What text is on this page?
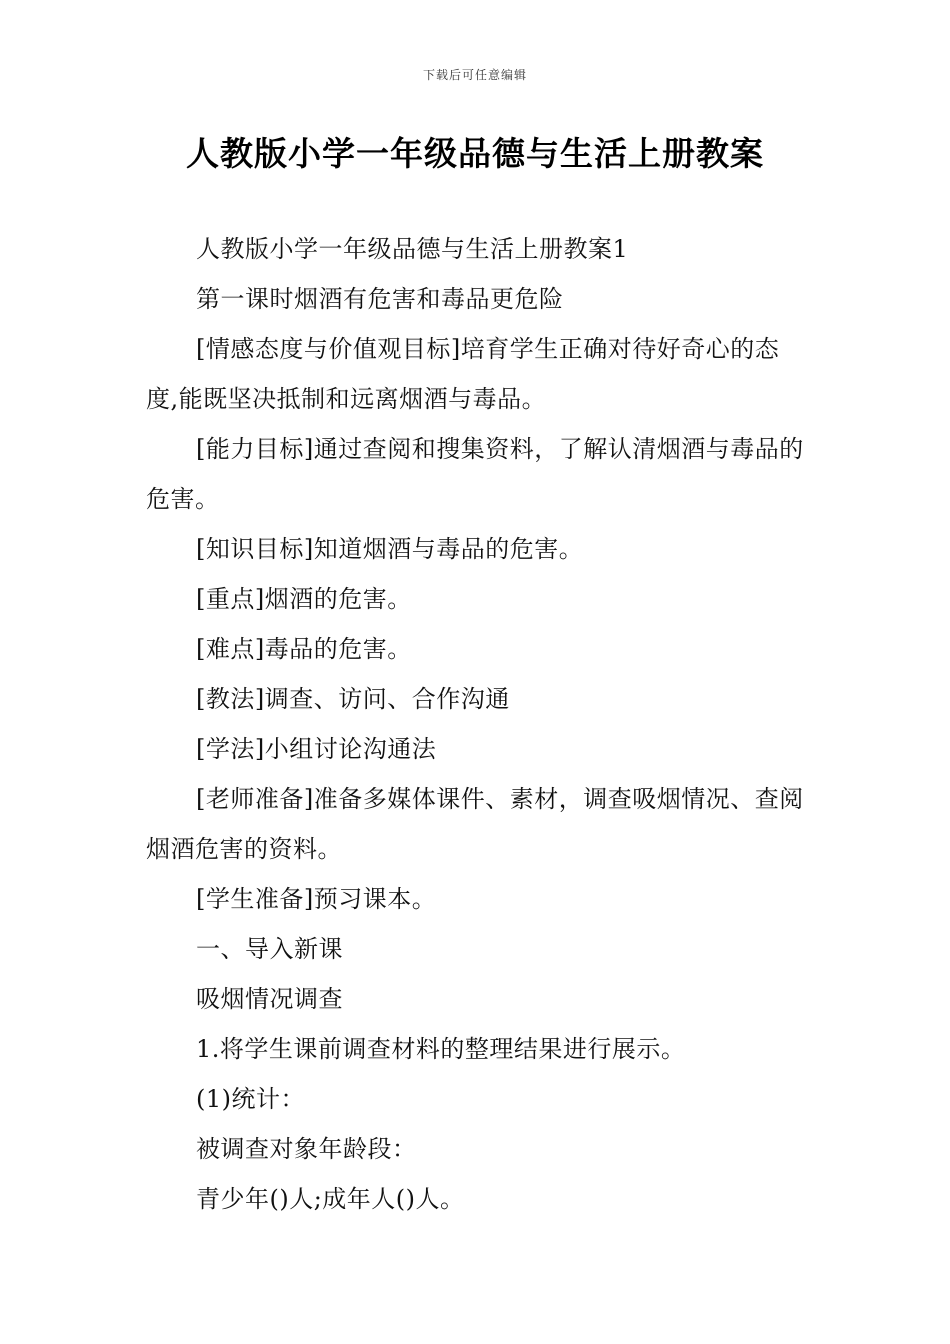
下载后可任意编辑
人教版小学一年级品德与生活上册教案

人教版小学一年级品德与生活上册教案1

第一课时烟酒有危害和毒品更危险

[情感态度与价值观目标]培育学生正确对待好奇心的态度,能既坚决抵制和远离烟酒与毒品。

[能力目标]通过查阅和搜集资料，了解认清烟酒与毒品的危害。

[知识目标]知道烟酒与毒品的危害。

[重点]烟酒的危害。

[难点]毒品的危害。

[教法]调查、访问、合作沟通

[学法]小组讨论沟通法

[老师准备]准备多媒体课件、素材，调查吸烟情况、查阅烟酒危害的资料。

[学生准备]预习课本。

一、导入新课

吸烟情况调查

1.将学生课前调查材料的整理结果进行展示。

(1)统计：

被调查对象年龄段：

青少年()人;成年人()人。
